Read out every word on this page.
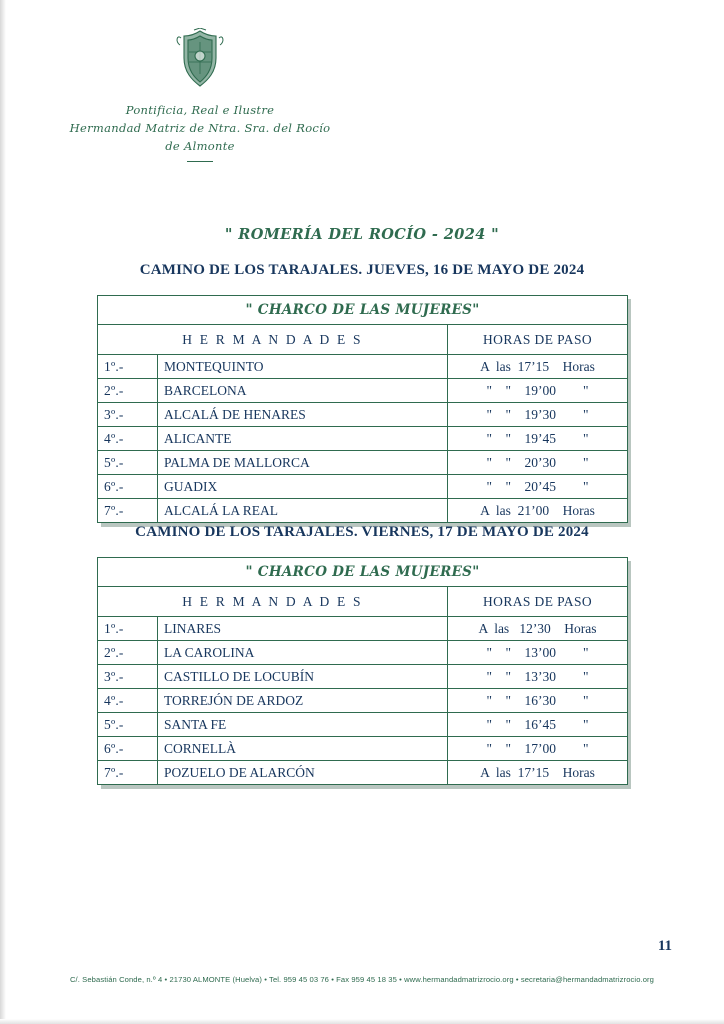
Pontificia, Real e Ilustre
Hermandad Matriz de Ntra. Sra. del Rocío
de Almonte
" ROMERÍA DEL ROCÍO - 2024 "
CAMINO DE LOS TARAJALES. JUEVES, 16 DE MAYO DE 2024
" CHARCO DE LAS MUJERES"		
H E R M A N D A D E S		HORAS DE PASO
1º.-	MONTEQUINTO	A  las  17’15    Horas
2º.-	BARCELONA	"    "    19’00        "
3º.-	ALCALÁ DE HENARES	"    "    19’30        "
4º.-	ALICANTE	"    "    19’45        "
5º.-	PALMA DE MALLORCA	"    "    20’30        "
6º.-	GUADIX	"    "    20’45        "
7º.-	ALCALÁ LA REAL	A  las  21’00    Horas
CAMINO DE LOS TARAJALES. VIERNES, 17 DE MAYO DE 2024
" CHARCO DE LAS MUJERES"		
H E R M A N D A D E S		HORAS DE PASO
1º.-	LINARES	A  las   12’30    Horas
2º.-	LA CAROLINA	"    "    13’00        "
3º.-	CASTILLO DE LOCUBÍN	"    "    13’30        "
4º.-	TORREJÓN DE ARDOZ	"    "    16’30        "
5º.-	SANTA FE	"    "    16’45        "
6º.-	CORNELLÀ	"    "    17’00        "
7º.-	POZUELO DE ALARCÓN	A  las  17’15    Horas
11
C/. Sebastián Conde, n.º 4 • 21730 ALMONTE (Huelva) • Tel. 959 45 03 76 • Fax 959 45 18 35 • www.hermandadmatrizrocio.org • secretaria@hermandadmatrizrocio.org
